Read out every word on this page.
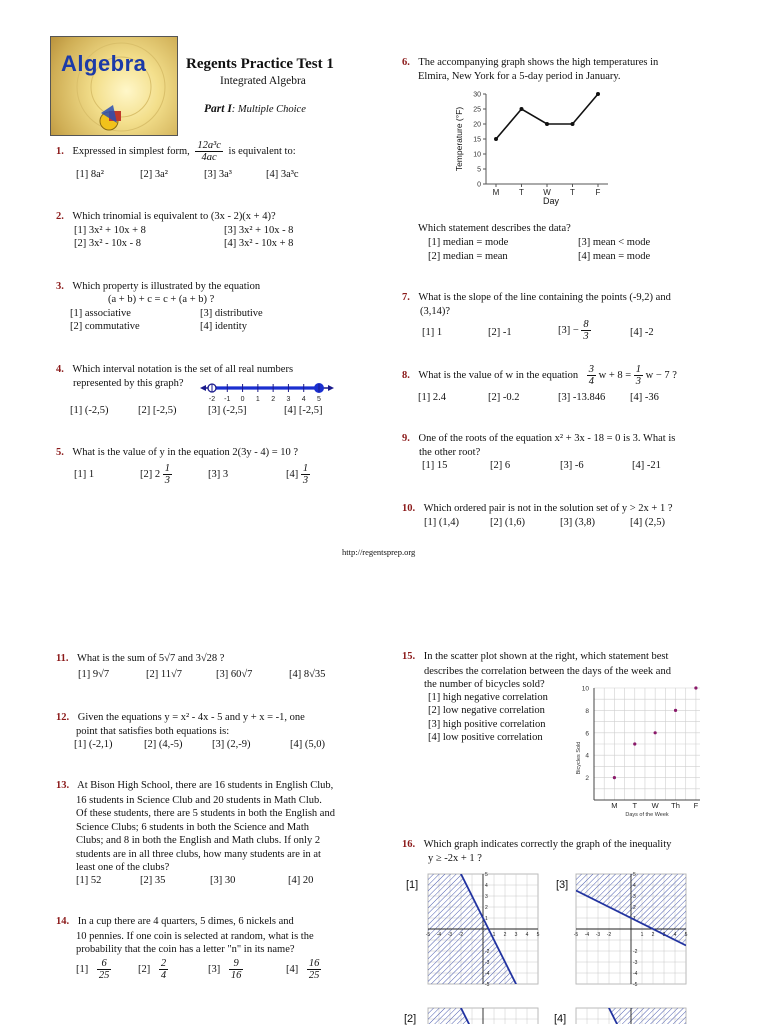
Algebra	Regents Practice Test 1
Integrated Algebra
Part I: Multiple Choice
1. Expressed in simplest form, $\frac{\text{12a³c}}{4ac}$ is equivalent to:
[1] 8a²	[2] 3a²	[3] 3a³	[4] 3a³c
2. Which trinomial is equivalent to (3x - 2)(x + 4)?
[1] 3x² + 10x + 8	[3] 3x² + 10x - 8
[2] 3x² - 10x - 8	[4] 3x² - 10x + 8
3. Which property is illustrated by the equation
(a + b) + c = c + (a + b) ?
[1] associative	[3] distributive
[2] commutative	[4] identity
4. Which interval notation is the set of all real numbers
represented by this graph?
-2 -1 0 1 2 3 4 5
[1] (-2,5)	[2] [-2,5)	[3] (-2,5]	[4] [-2,5]
5. What is the value of y in the equation 2(3y - 4) = 10 ?
[1] 1	[2] $2 \frac{1}{3}$	[3] 3	$[4] \frac{1}{3}$
6. The accompanying graph shows the high temperatures in
Elmira, New York for a 5-day period in January.
0
5
10
15
20
25
30
M T W T	F
Day
Temperature (°F)
Which statement describes the data?
[1] median = mode	[3] mean < mode
[2] median = mean	[4] mean = mode
7. What is the slope of the line containing the points (-9,2) and
(3,14)?
[1] 1	[2] -1	$[3] - \frac{8}{3}$	[4] -2
8. What is the value of w in the equation $\frac{3}{4}$ $w + 8 = \frac{1}{3}$ w − 7 ?
[1] 2.4	[2] -0.2	[3] -13.846 [4] -36
9. One of the roots of the equation x² + 3x - 18 = 0 is 3. What is
the other root?
[1] 15	[2] 6	[3] -6	[4] -21
10. Which ordered pair is not in the solution set of y > 2x + 1 ?
[1] (1,4)	[2] (1,6)	[3] (3,8)	[4] (2,5)
http://regentsprep.org
11. What is the sum of 5√7 and 3√28 ?
[1] 9√7	[2] 11√7	[3] 60√7	[4] 8√35
12. Given the equations y = x² - 4x - 5 and y + x = -1, one
point that satisfies both equations is:
[1] (-2,1)	[2] (4,-5)	[3] (2,-9)	[4] (5,0)
13. At Bison High School, there are 16 students in English Club,
16 students in Science Club and 20 students in Math Club.
Of these students, there are 5 students in both the English and
Science Clubs; 6 students in both the Science and Math
Clubs; and 8 in both the English and Math clubs. If only 2
students are in all three clubs, how many students are in at
least one of the clubs?
[1] 52	[2] 35	[3] 30	[4] 20
14. In a cup there are 4 quarters, 5 dimes, 6 nickels and
10 pennies. If one coin is selected at random, what is the
probability that the coin has a letter "n" in its name?
$[1] \frac{6}{25}$	$[2] \frac{2}{4}$	$[3] \frac{9}{16}$	$[4] \frac{16}{25}$
15. In the scatter plot shown at the right, which statement best
describes the correlation between the days of the week and
the number of bicycles sold?
[1] high negative correlation
[2] low negative correlation
[3] high positive correlation
[4] low positive correlation
2
4
6
8
10
M T W Th F
Days of the Week
Bicycles Sold
16. Which graph indicates correctly the graph of the inequality
y ≥ -2x + 1 ?
[1]	[3]
[2]	[4]
-5
-5
-4
-4
-3
-3
-2
-2
1
1
2
2
3
3
4
4
5
5
-5
-5
-4
-4
-3
-3
-2
-2
1 2
2
3
4
4
5
5
